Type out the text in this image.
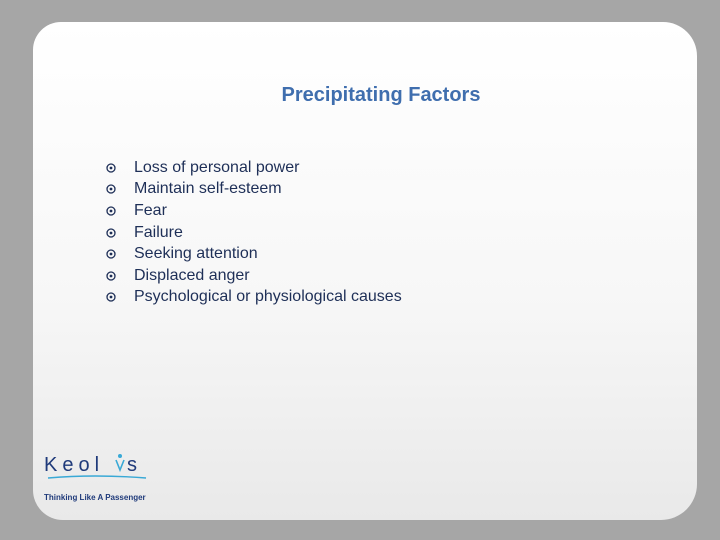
Precipitating Factors
Loss of personal power
Maintain self-esteem
Fear
Failure
Seeking attention
Displaced anger
Psychological or physiological causes
Keol s
Thinking Like A Passenger
